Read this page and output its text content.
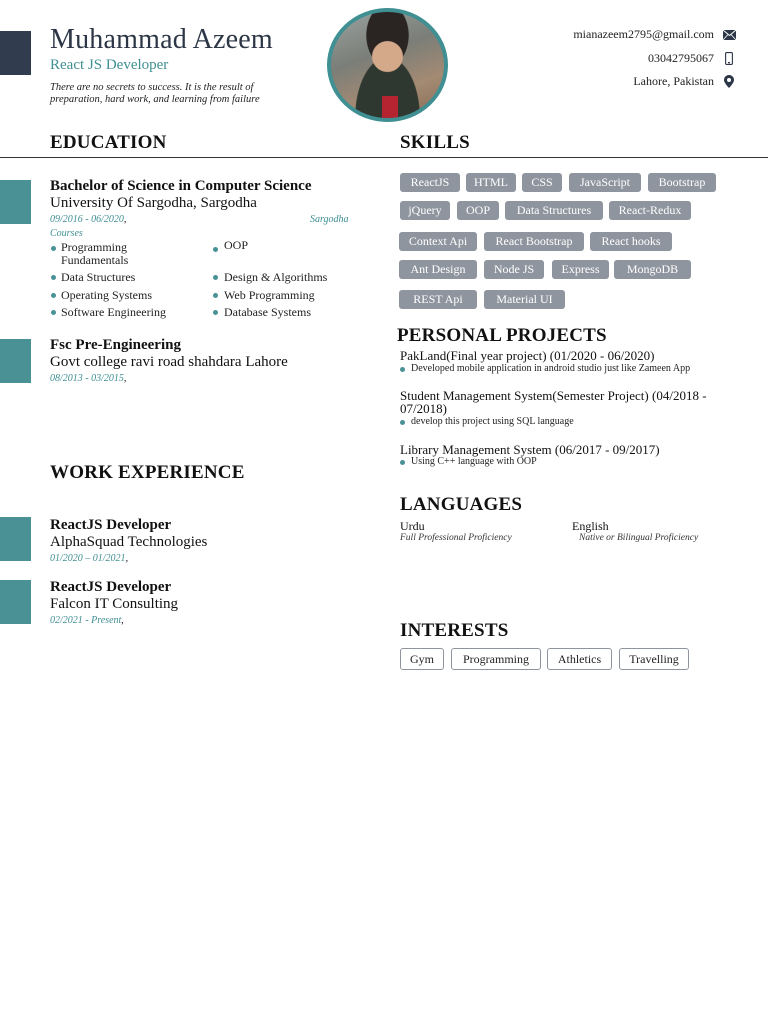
Muhammad Azeem
React JS Developer
There are no secrets to success. It is the result of preparation, hard work, and learning from failure
mianazeem2795@gmail.com
03042795067
Lahore, Pakistan
EDUCATION	SKILLS
Bachelor of Science in Computer Science
University Of Sargodha, Sargodha
09/2016 - 06/2020,	Sargodha
Courses
Programming Fundamentals
OOP
Data Structures	Design & Algorithms
Operating Systems	Web Programming
Software Engineering	Database Systems
Fsc Pre-Engineering
Govt college ravi road shahdara Lahore
08/2013 - 03/2015,
WORK EXPERIENCE
ReactJS Developer
AlphaSquad Technologies
01/2020 – 01/2021,
ReactJS Developer
Falcon IT Consulting
02/2021 - Present,
ReactJS	HTML	CSS	JavaScript	Bootstrap
jQuery	OOP	Data Structures	React-Redux
Context Api	React Bootstrap	React hooks
Ant Design	Node JS	Express	MongoDB
REST Api	Material UI
PERSONAL PROJECTS
PakLand(Final year project) (01/2020 - 06/2020)
Developed mobile application in android studio just like Zameen App
Student Management System(Semester Project) (04/2018 - 07/2018)
develop this project using SQL language
Library Management System (06/2017 - 09/2017)
Using C++ language with OOP
LANGUAGES
Urdu
Full Professional Proficiency
English
Native or Bilingual Proficiency
INTERESTS
Gym	Programming	Athletics	Travelling
